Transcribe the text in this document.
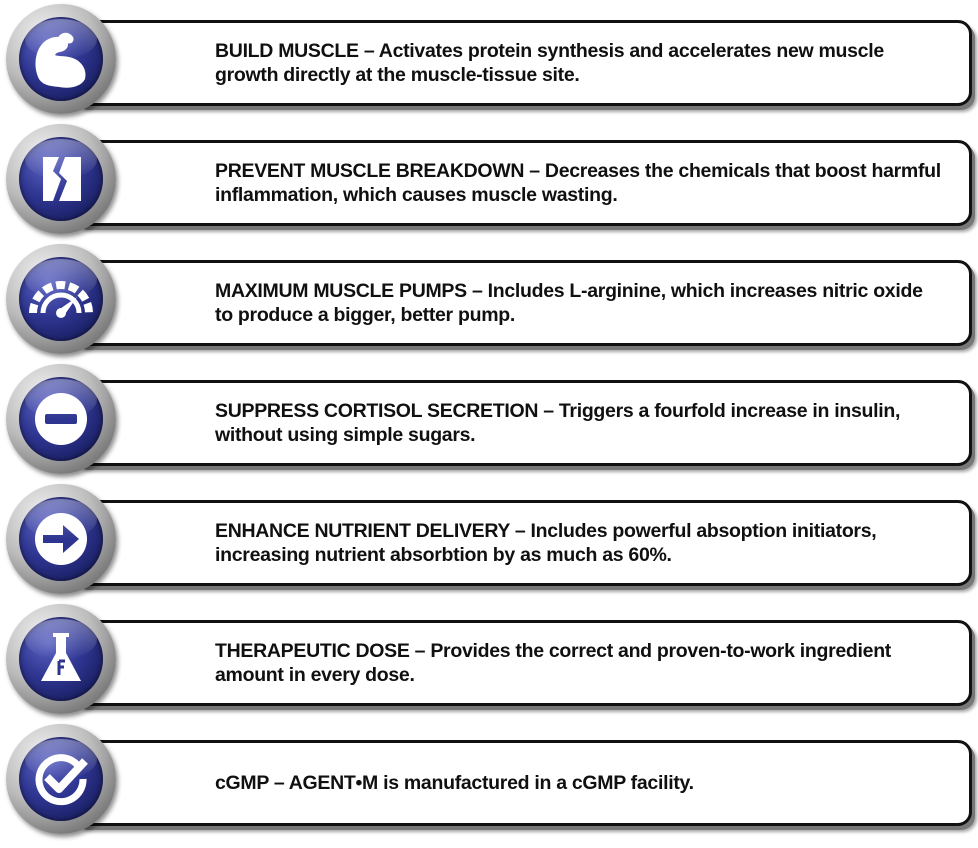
BUILD MUSCLE – Activates protein synthesis and accelerates new muscle growth directly at the muscle-tissue site.
PREVENT MUSCLE BREAKDOWN – Decreases the chemicals that boost harmful inflammation, which causes muscle wasting.
MAXIMUM MUSCLE PUMPS – Includes L-arginine, which increases nitric oxide to produce a bigger, better pump.
SUPPRESS CORTISOL SECRETION – Triggers a fourfold increase in insulin, without using simple sugars.
ENHANCE NUTRIENT DELIVERY – Includes powerful absoption initiators, increasing nutrient absorbtion by as much as 60%.
THERAPEUTIC DOSE – Provides the correct and proven-to-work ingredient amount in every dose.
cGMP – AGENT•M is manufactured in a cGMP facility.
